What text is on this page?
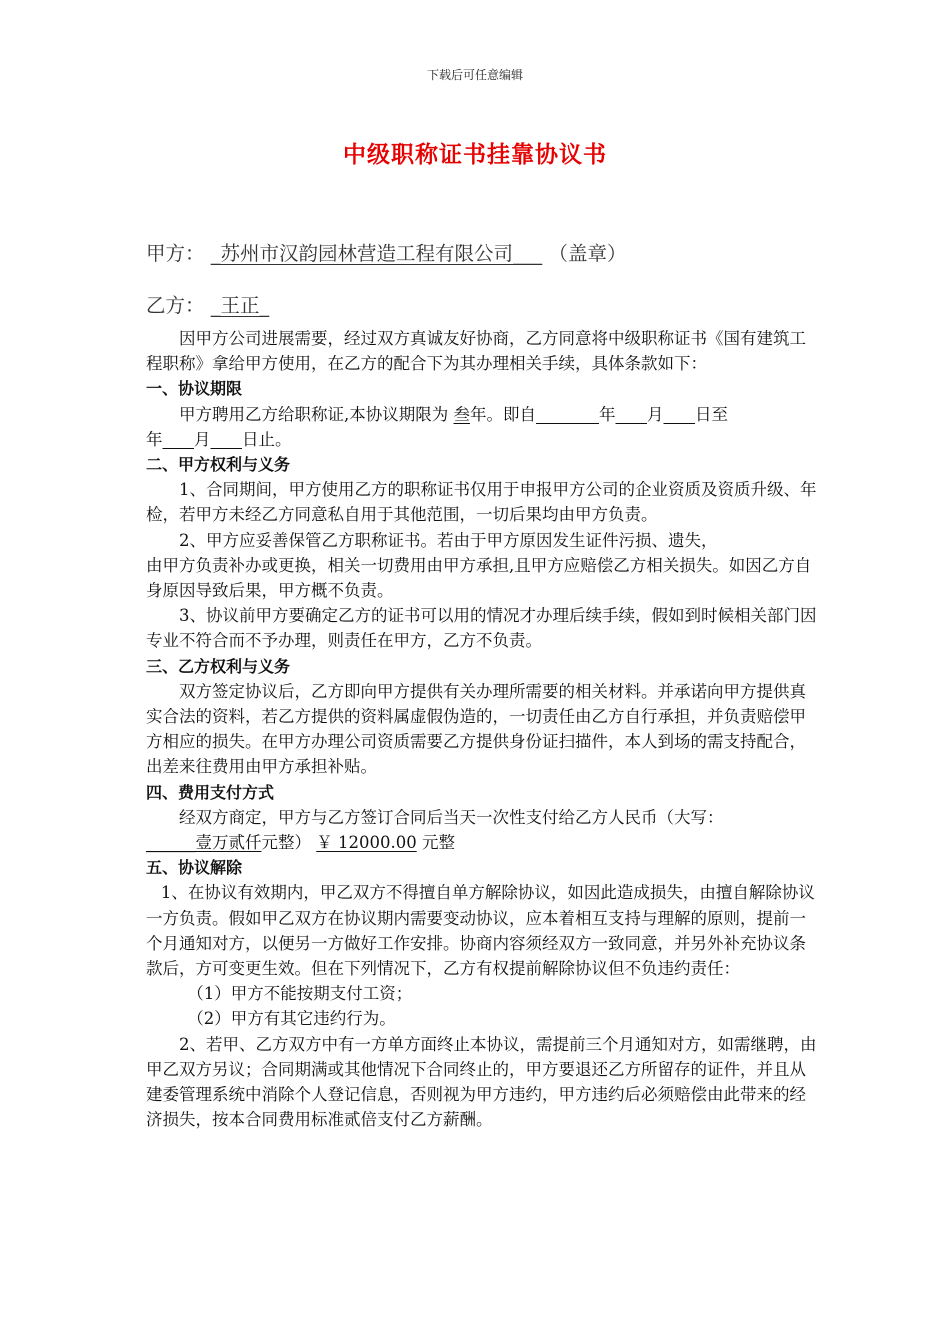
下载后可任意编辑
中级职称证书挂靠协议书
甲方： _苏州市汉韵园林营造工程有限公司___ （盖章）
乙方： _王正_

因甲方公司进展需要，经过双方真诚友好协商，乙方同意将中级职称证书《国有建筑工程职称》拿给甲方使用，在乙方的配合下为其办理相关手续，具体条款如下：

一、协议期限

甲方聘用乙方给职称证,本协议期限为 叁年。即自      	年    月    日至年    月    日止。

二、甲方权利与义务

1、合同期间，甲方使用乙方的职称证书仅用于申报甲方公司的企业资质及资质升级、年检，若甲方未经乙方同意私自用于其他范围，一切后果均由甲方负责。

2、甲方应妥善保管乙方职称证书。若由于甲方原因发生证件污损、遗失，由甲方负责补办或更换，相关一切费用由甲方承担,且甲方应赔偿乙方相关损失。如因乙方自身原因导致后果，甲方概不负责。

3、协议前甲方要确定乙方的证书可以用的情况才办理后续手续，假如到时候相关部门因专业不符合而不予办理，则责任在甲方，乙方不负责。

三、乙方权利与义务

双方签定协议后，乙方即向甲方提供有关办理所需要的相关材料。并承诺向甲方提供真实合法的资料，若乙方提供的资料属虚假伪造的，一切责任由乙方自行承担，并负责赔偿甲方相应的损失。在甲方办理公司资质需要乙方提供身份证扫描件，本人到场的需支持配合，出差来往费用由甲方承担补贴。

四、费用支付方式

经双方商定，甲方与乙方签订合同后当天一次性支付给乙方人民币（大写：

______壹万贰仟元整） ￥ 12000.00 元整

五、协议解除

1、在协议有效期内，甲乙双方不得擅自单方解除协议，如因此造成损失，由擅自解除协议一方负责。假如甲乙双方在协议期内需要变动协议，应本着相互支持与理解的原则，提前一个月通知对方，以便另一方做好工作安排。协商内容须经双方一致同意，并另外补充协议条款后，方可变更生效。但在下列情况下，乙方有权提前解除协议但不负违约责任：

（1）甲方不能按期支付工资；

（2）甲方有其它违约行为。

2、若甲、乙方双方中有一方单方面终止本协议，需提前三个月通知对方，如需继聘，由甲乙双方另议；合同期满或其他情况下合同终止的，甲方要退还乙方所留存的证件，并且从建委管理系统中消除个人登记信息，否则视为甲方违约，甲方违约后必须赔偿由此带来的经济损失，按本合同费用标准贰倍支付乙方薪酬。
